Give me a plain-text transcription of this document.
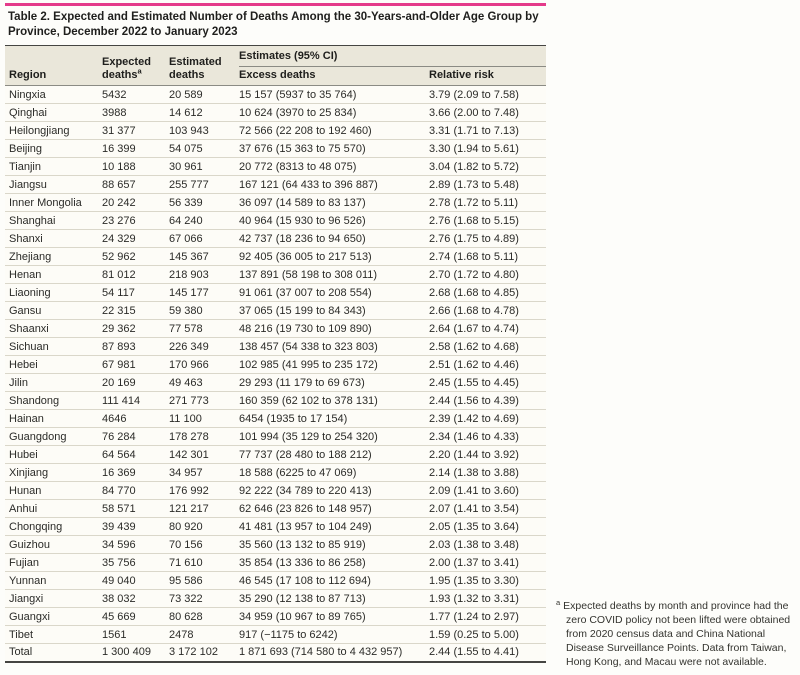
Table 2. Expected and Estimated Number of Deaths Among the 30-Years-and-Older Age Group by Province, December 2022 to January 2023
Region	Expected deaths$^a$	Estimated deaths	Estimates (95% CI)	
			Excess deaths	Relative risk
Ningxia	5432	20 589	15 157 (5937 to 35 764)	3.79 (2.09 to 7.58)
Qinghai	3988	14 612	10 624 (3970 to 25 834)	3.66 (2.00 to 7.48)
Heilongjiang	31 377	103 943	72 566 (22 208 to 192 460)	3.31 (1.71 to 7.13)
Beijing	16 399	54 075	37 676 (15 363 to 75 570)	3.30 (1.94 to 5.61)
Tianjin	10 188	30 961	20 772 (8313 to 48 075)	3.04 (1.82 to 5.72)
Jiangsu	88 657	255 777	167 121 (64 433 to 396 887)	2.89 (1.73 to 5.48)
Inner Mongolia	20 242	56 339	36 097 (14 589 to 83 137)	2.78 (1.72 to 5.11)
Shanghai	23 276	64 240	40 964 (15 930 to 96 526)	2.76 (1.68 to 5.15)
Shanxi	24 329	67 066	42 737 (18 236 to 94 650)	2.76 (1.75 to 4.89)
Zhejiang	52 962	145 367	92 405 (36 005 to 217 513)	2.74 (1.68 to 5.11)
Henan	81 012	218 903	137 891 (58 198 to 308 011)	2.70 (1.72 to 4.80)
Liaoning	54 117	145 177	91 061 (37 007 to 208 554)	2.68 (1.68 to 4.85)
Gansu	22 315	59 380	37 065 (15 199 to 84 343)	2.66 (1.68 to 4.78)
Shaanxi	29 362	77 578	48 216 (19 730 to 109 890)	2.64 (1.67 to 4.74)
Sichuan	87 893	226 349	138 457 (54 338 to 323 803)	2.58 (1.62 to 4.68)
Hebei	67 981	170 966	102 985 (41 995 to 235 172)	2.51 (1.62 to 4.46)
Jilin	20 169	49 463	29 293 (11 179 to 69 673)	2.45 (1.55 to 4.45)
Shandong	111 414	271 773	160 359 (62 102 to 378 131)	2.44 (1.56 to 4.39)
Hainan	4646	11 100	6454 (1935 to 17 154)	2.39 (1.42 to 4.69)
Guangdong	76 284	178 278	101 994 (35 129 to 254 320)	2.34 (1.46 to 4.33)
Hubei	64 564	142 301	77 737 (28 480 to 188 212)	2.20 (1.44 to 3.92)
Xinjiang	16 369	34 957	18 588 (6225 to 47 069)	2.14 (1.38 to 3.88)
Hunan	84 770	176 992	92 222 (34 789 to 220 413)	2.09 (1.41 to 3.60)
Anhui	58 571	121 217	62 646 (23 826 to 148 957)	2.07 (1.41 to 3.54)
Chongqing	39 439	80 920	41 481 (13 957 to 104 249)	2.05 (1.35 to 3.64)
Guizhou	34 596	70 156	35 560 (13 132 to 85 919)	2.03 (1.38 to 3.48)
Fujian	35 756	71 610	35 854 (13 336 to 86 258)	2.00 (1.37 to 3.41)
Yunnan	49 040	95 586	46 545 (17 108 to 112 694)	1.95 (1.35 to 3.30)
Jiangxi	38 032	73 322	35 290 (12 138 to 87 713)	1.93 (1.32 to 3.31)
Guangxi	45 669	80 628	34 959 (10 967 to 89 765)	1.77 (1.24 to 2.97)
Tibet	1561	2478	917 (−1175 to 6242)	1.59 (0.25 to 5.00)
Total	1 300 409	3 172 102	1 871 693 (714 580 to 4 432 957)	2.44 (1.55 to 4.41)
$^a$ Expected deaths by month and province had the zero COVID policy not been lifted were obtained from 2020 census data and China National Disease Surveillance Points. Data from Taiwan, Hong Kong, and Macau were not available.
